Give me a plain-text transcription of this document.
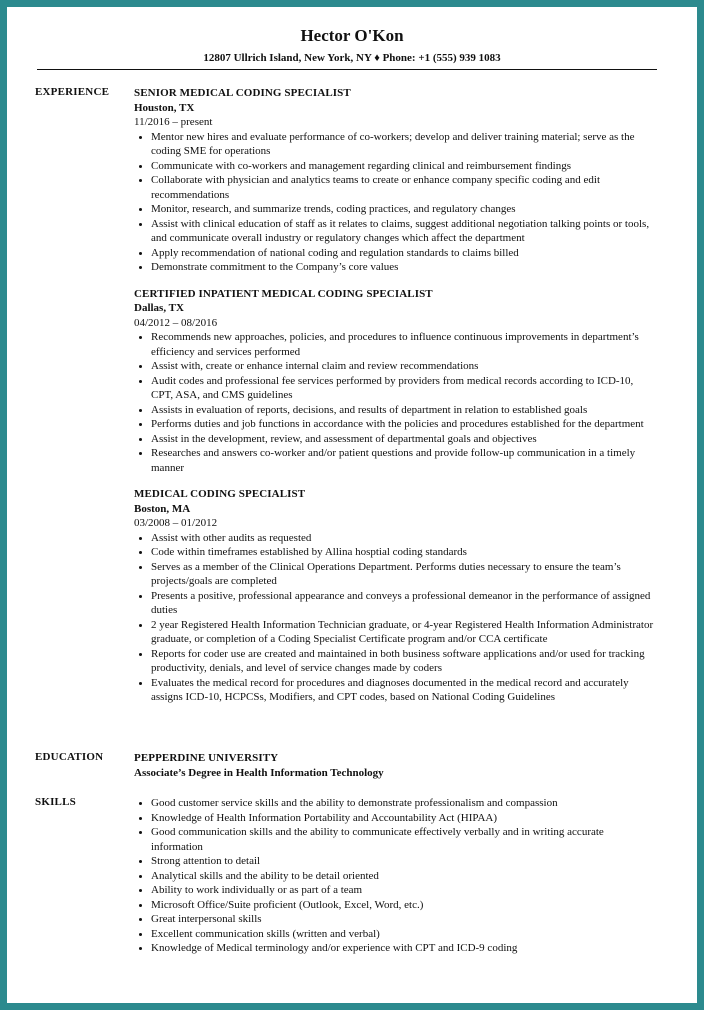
Hector O'Kon
12807 Ullrich Island, New York, NY ♦ Phone: +1 (555) 939 1083
EXPERIENCE SENIOR MEDICAL CODING SPECIALIST
Houston, TX
11/2016 – present
• Mentor new hires and evaluate performance of co-workers; develop and deliver training material; serve as the coding SME for operations
• Communicate with co-workers and management regarding clinical and reimbursement findings
• Collaborate with physician and analytics teams to create or enhance company specific coding and edit recommendations
• Monitor, research, and summarize trends, coding practices, and regulatory changes
• Assist with clinical education of staff as it relates to claims, suggest additional negotiation talking points or tools, and communicate overall industry or regulatory changes which affect the department
• Apply recommendation of national coding and regulation standards to claims billed
• Demonstrate commitment to the Company’s core values
CERTIFIED INPATIENT MEDICAL CODING SPECIALIST
Dallas, TX
04/2012 – 08/2016
• Recommends new approaches, policies, and procedures to influence continuous improvements in department’s efficiency and services performed
• Assist with, create or enhance internal claim and review recommendations
• Audit codes and professional fee services performed by providers from medical records according to ICD-10, CPT, ASA, and CMS guidelines
• Assists in evaluation of reports, decisions, and results of department in relation to established goals
• Performs duties and job functions in accordance with the policies and procedures established for the department
• Assist in the development, review, and assessment of departmental goals and objectives
• Researches and answers co-worker and/or patient questions and provide follow-up communication in a timely manner
MEDICAL CODING SPECIALIST
Boston, MA
03/2008 – 01/2012
• Assist with other audits as requested
• Code within timeframes established by Allina hosptial coding standards
• Serves as a member of the Clinical Operations Department. Performs duties necessary to ensure the team’s projects/goals are completed
• Presents a positive, professional appearance and conveys a professional demeanor in the performance of assigned duties
• 2 year Registered Health Information Technician graduate, or 4-year Registered Health Information Administrator graduate, or completion of a Coding Specialist Certificate program and/or CCA certificate
• Reports for coder use are created and maintained in both business software applications and/or used for tracking productivity, denials, and level of service changes made by coders
• Evaluates the medical record for procedures and diagnoses documented in the medical record and accurately assigns ICD-10, HCPCSs, Modifiers, and CPT codes, based on National Coding Guidelines
EDUCATION	PEPPERDINE UNIVERSITY
Associate’s Degree in Health Information Technology
SKILLS	• Good customer service skills and the ability to demonstrate professionalism and compassion
• Knowledge of Health Information Portability and Accountability Act (HIPAA)
• Good communication skills and the ability to communicate effectively verbally and in writing accurate information
• Strong attention to detail
• Analytical skills and the ability to be detail oriented
• Ability to work individually or as part of a team
• Microsoft Office/Suite proficient (Outlook, Excel, Word, etc.)
• Great interpersonal skills
• Excellent communication skills (written and verbal)
• Knowledge of Medical terminology and/or experience with CPT and ICD-9 coding
